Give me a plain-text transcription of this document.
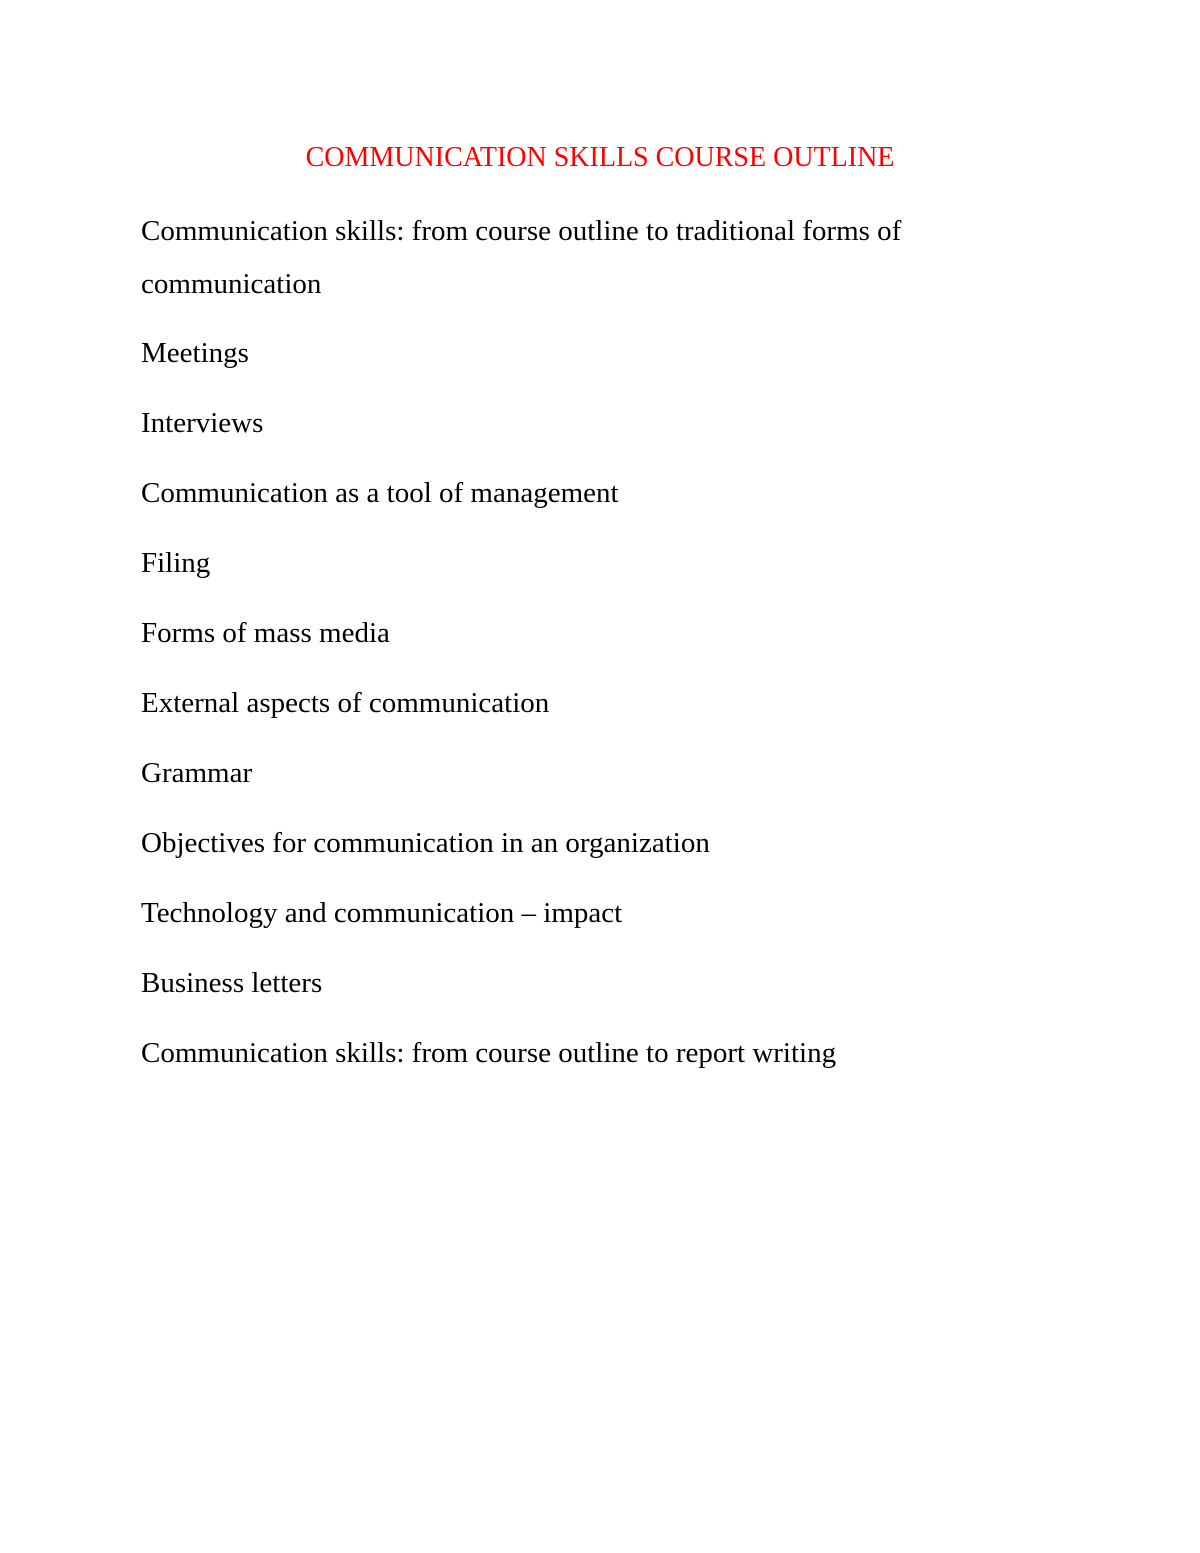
COMMUNICATION SKILLS COURSE OUTLINE
Communication skills: from course outline to traditional forms of communication
Meetings
Interviews
Communication as a tool of management
Filing
Forms of mass media
External aspects of communication
Grammar
Objectives for communication in an organization
Technology and communication – impact
Business letters
Communication skills: from course outline to report writing
